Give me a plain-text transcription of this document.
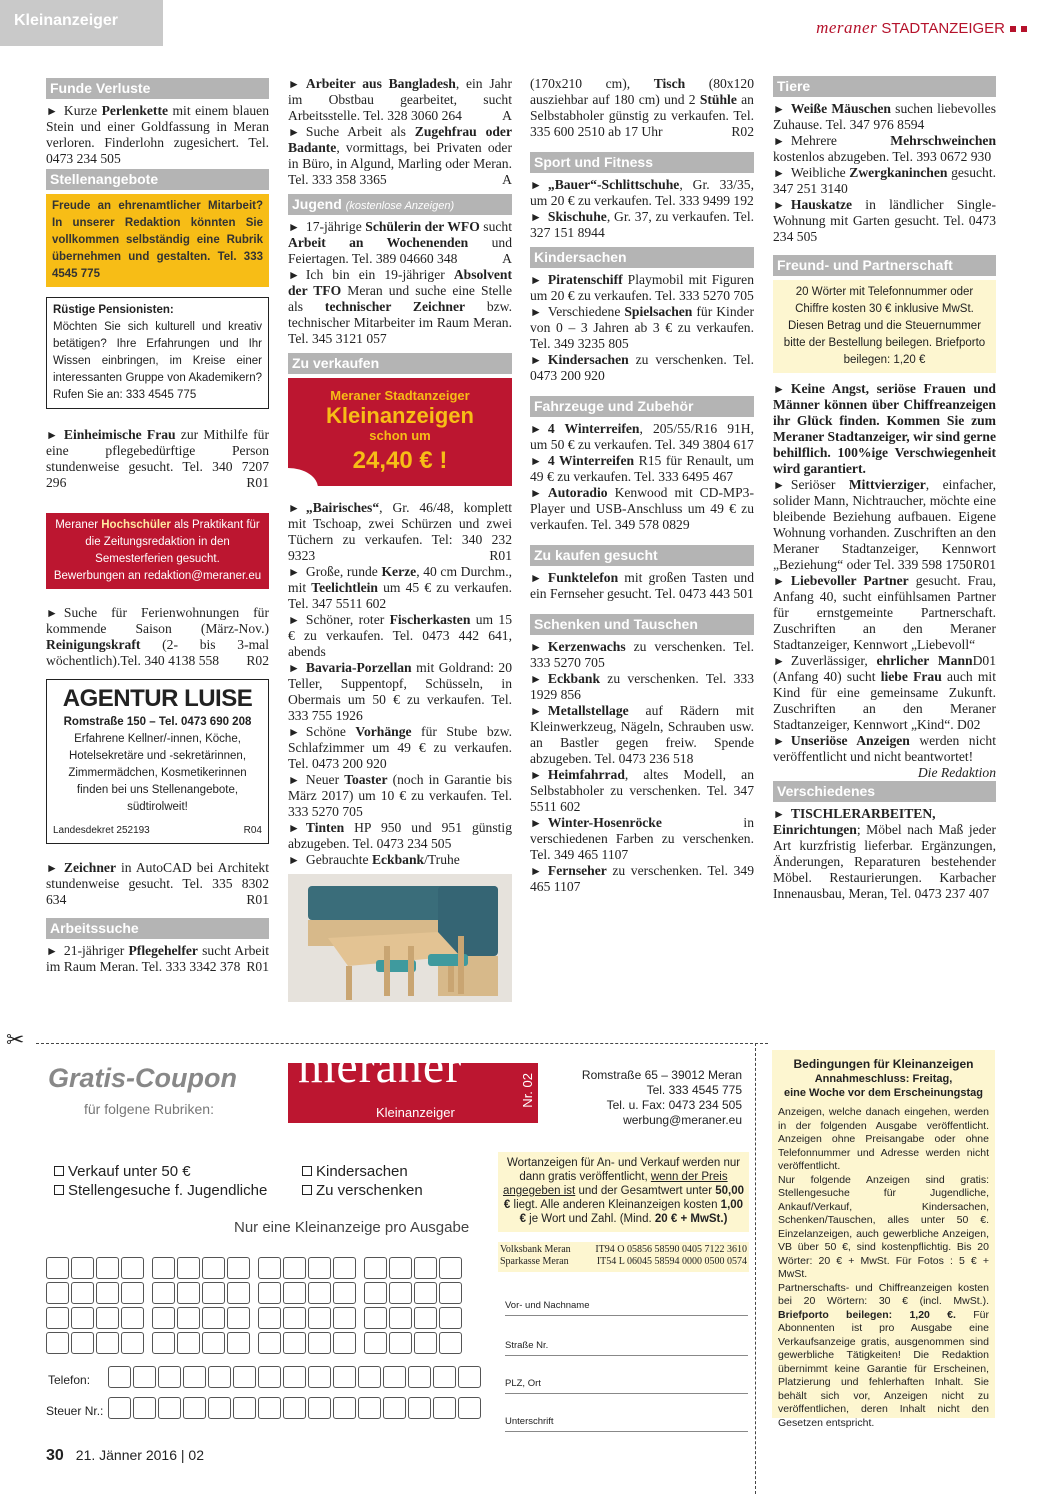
Kleinanzeiger	meraner STADTANZEIGER
Funde Verluste

► Kurze Perlenkette mit einem blauen Stein und einer Goldfassung in Meran verloren. Finderlohn zugesichert. Tel. 0473 234 505

Stellenangebote
Freude an ehrenamtlicher Mitarbeit? In unserer Redaktion könnten Sie vollkommen selbständig eine Rubrik übernehmen und gestalten. Tel. 333 4545 775
Rüstige Pensionisten:
Möchten Sie sich kulturell und kreativ betätigen? Ihre Erfahrungen und Ihr Wissen einbringen, im Kreise einer interessanten Gruppe von Akademikern? Rufen Sie an: 333 4545 775

► Einheimische Frau zur Mithilfe für eine pflegebedürftige Person stundenweise gesucht. Tel. 340 7207 296	R01

Meraner Hochschüler als Praktikant für die Zeitungsredaktion in den Semesterferien gesucht.
Bewerbungen an redaktion@meraner.eu

► Suche für Ferienwohnungen für kommende Saison (März-Nov.) Reinigungskraft (2- bis 3-mal wöchentlich).Tel. 340 4138 558 R02

AGENTUR LUISE
Romstraße 150 – Tel. 0473 690 208
Erfahrene Kellner/-innen, Köche, Hotelsekretäre und -sekretärinnen, Zimmermädchen, Kosmetikerinnen finden bei uns Stellenangebote, südtirolweit!
Landesdekret 252193	R04

► Zeichner in AutoCAD bei Architekt stundenweise gesucht. Tel. 335 8302 634	R01

Arbeitssuche

► 21-jähriger Pflegehelfer sucht Arbeit im Raum Meran. Tel. 333 3342 378 R01

► Arbeiter aus Bangladesh, ein Jahr im Obstbau gearbeitet, sucht Arbeitsstelle. Tel. 328 3060 264	A

► Suche Arbeit als Zugehfrau oder Badante, vormittags, bei Privaten oder in Büro, in Algund, Marling oder Meran. Tel. 333 358 3365	A

Jugend (kostenlose Anzeigen)

► 17-jährige Schülerin der WFO sucht Arbeit an Wochenenden und Feiertagen. Tel. 389 04660 348	A

► Ich bin ein 19-jähriger Absolvent der TFO Meran und suche eine Stelle als technischer Zeichner bzw. technischer Mitarbeiter im Raum Meran. Tel. 345 3121 057

Zu verkaufen
Meraner Stadtanzeiger
Kleinanzeigen
schon um
24,40 € !

► „Bairisches“, Gr. 46/48, komplett mit Tschoap, zwei Schürzen und zwei Tüchern zu verkaufen. Tel: 340 232 9323	R01

► Große, runde Kerze, 40 cm Durchm., mit Teelichtlein um 45 € zu verkaufen. Tel. 347 5511 602

► Schöner, roter Fischerkasten um 15 € zu verkaufen. Tel. 0473 442 641, abends

► Bavaria-Porzellan mit Goldrand: 20 Teller, Suppentopf, Schüsseln, in Obermais um 50 € zu verkaufen. Tel. 333 755 1926

► Schöne Vorhänge für Stube bzw. Schlafzimmer um 49 € zu verkaufen. Tel. 0473 200 920

► Neuer Toaster (noch in Garantie bis März 2017) um 10 € zu verkaufen. Tel. 333 5270 705

► Tinten HP 950 und 951 günstig abzugeben. Tel. 0473 234 505

► Gebrauchte Eckbank/Truhe

(170x210 cm), Tisch (80x120 ausziehbar auf 180 cm) und 2 Stühle an Selbstabholer günstig zu verkaufen. Tel. 335 600 2510 ab 17 Uhr	R02

Sport und Fitness

► „Bauer“-Schlittschuhe, Gr. 33/35, um 20 € zu verkaufen. Tel. 333 9499 192

► Skischuhe, Gr. 37, zu verkaufen. Tel. 327 151 8944

Kindersachen

► Piratenschiff Playmobil mit Figuren um 20 € zu verkaufen. Tel. 333 5270 705

► Verschiedene Spielsachen für Kinder von 0 – 3 Jahren ab 3 € zu verkaufen. Tel. 349 3235 805

► Kindersachen zu verschenken. Tel. 0473 200 920

Fahrzeuge und Zubehör

► 4 Winterreifen, 205/55/R16 91H, um 50 € zu verkaufen. Tel. 349 3804 617

► 4 Winterreifen R15 für Renault, um 49 € zu verkaufen. Tel. 333 6495 467

► Autoradio Kenwood mit CD-MP3-Player und USB-Anschluss um 49 € zu verkaufen. Tel. 349 578 0829

Zu kaufen gesucht

► Funktelefon mit großen Tasten und ein Fernseher gesucht. Tel. 0473 443 501

Schenken und Tauschen

► Kerzenwachs zu verschenken. Tel. 333 5270 705

► Eckbank zu verschenken. Tel. 333 1929 856

► Metallstellage auf Rädern mit Kleinwerkzeug, Nägeln, Schrauben usw. an Bastler gegen freiw. Spende abzugeben. Tel. 0473 236 518

► Heimfahrrad, altes Modell, an Selbstabholer zu verschenken. Tel. 347 5511 602

► Winter-Hosenröcke in verschiedenen Farben zu verschenken. Tel. 349 465 1107

► Fernseher zu verschenken. Tel. 349 465 1107

Tiere

► Weiße Mäuschen suchen liebevolles Zuhause. Tel. 347 976 8594

► Mehrere Mehrschweinchen kostenlos abzugeben. Tel. 393 0672 930

► Weibliche Zwergkaninchen gesucht. 347 251 3140

► Hauskatze in ländlicher Single-Wohnung mit Garten gesucht. Tel. 0473 234 505

Freund- und Partnerschaft
20 Wörter mit Telefonnummer oder Chiffre kosten 30 € inklusive MwSt. Diesen Betrag und die Steuernummer bitte der Bestellung beilegen. Briefporto beilegen: 1,20 €

► Keine Angst, seriöse Frauen und Männer können über Chiffreanzeigen ihr Glück finden. Kommen Sie zum Meraner Stadtanzeiger, wir sind gerne behilflich. 100%ige Verschwiegenheit wird garantiert.

► Seriöser Mittvierziger, einfacher, solider Mann, Nichtraucher, möchte eine bleibende Beziehung aufbauen. Eigene Wohnung vorhanden. Zuschriften an den Meraner Stadtanzeiger, Kennwort „Beziehung“ oder Tel. 339 598 1750 R01

► Liebevoller Partner gesucht. Frau, Anfang 40, sucht einfühlsamen Partner für ernstgemeinte Partnerschaft. Zuschriften an den Meraner Stadtanzeiger, Kennwort „Liebevoll“
D01

► Zuverlässiger, ehrlicher Mann (Anfang 40) sucht liebe Frau auch mit Kind für eine gemeinsame Zukunft. Zuschriften an den Meraner Stadtanzeiger, Kennwort „Kind“. D02

► Unseriöse Anzeigen werden nicht veröffentlicht und nicht beantwortet!
Die Redaktion

Verschiedenes

► TISCHLERARBEITEN, Einrichtungen; Möbel nach Maß jeder Art kurzfristig lieferbar. Ergänzungen, Änderungen, Reparaturen bestehender Möbel. Restaurierungen. Karbacher Innenausbau, Meran, Tel. 0473 237 407

✂
Gratis-Coupon
für folgene Rubriken:
meraner
Kleinanzeiger
Nr. 02	Romstraße 65 – 39012 Meran
Tel. 333 4545 775
Tel. u. Fax: 0473 234 505
werbung@meraner.eu
Verkauf unter 50 €
Stellengesuche f. Jugendliche
Kindersachen
Zu verschenken
Nur eine Kleinanzeige pro Ausgabe
Telefon:
Steuer Nr.:
Wortanzeigen für An- und Verkauf werden nur dann gratis veröffentlicht, wenn der Preis angegeben ist und der Gesamtwert unter 50,00 € liegt. Alle anderen Kleinanzeigen kosten 1,00 € je Wort und Zahl. (Mind. 20 € + MwSt.)
Volksbank Meran IT94 O 05856 58590 0405 7122 3610
Sparkasse Meran	IT54 L 06045 58594 0000 0500 0574
Vor- und Nachname
Straße Nr.
PLZ, Ort
Unterschrift
Bedingungen für Kleinanzeigen
Annahmeschluss: Freitag,
eine Woche vor dem Erscheinungstag

Anzeigen, welche danach eingehen, werden in der folgenden Ausgabe veröffentlicht. Anzeigen ohne Preisangabe oder ohne Telefonnummer und Adresse werden nicht veröffentlicht.

Nur folgende Anzeigen sind gratis: Stellengesuche für Jugendliche, Ankauf/Verkauf, Kindersachen, Schenken/Tauschen, alles unter 50 €. Einzelanzeigen, auch gewerbliche Anzeigen, VB über 50 €, sind kostenpflichtig. Bis 20 Wörter: 20 € + MwSt. Für Fotos : 5 € + MwSt.

Partnerschafts- und Chiffreanzeigen kosten bei 20 Wörtern: 30 € (incl. MwSt.). Briefporto beilegen: 1,20 €. Für Abonnenten ist pro Ausgabe eine Verkaufsanzeige gratis, ausgenommen sind gewerbliche Tätigkeiten! Die Redaktion übernimmt keine Garantie für Erscheinen, Platzierung und fehlerhaften Inhalt. Sie behält sich vor, Anzeigen nicht zu veröffentlichen, deren Inhalt nicht den Gesetzen entspricht.

30 21. Jänner 2016 | 02
